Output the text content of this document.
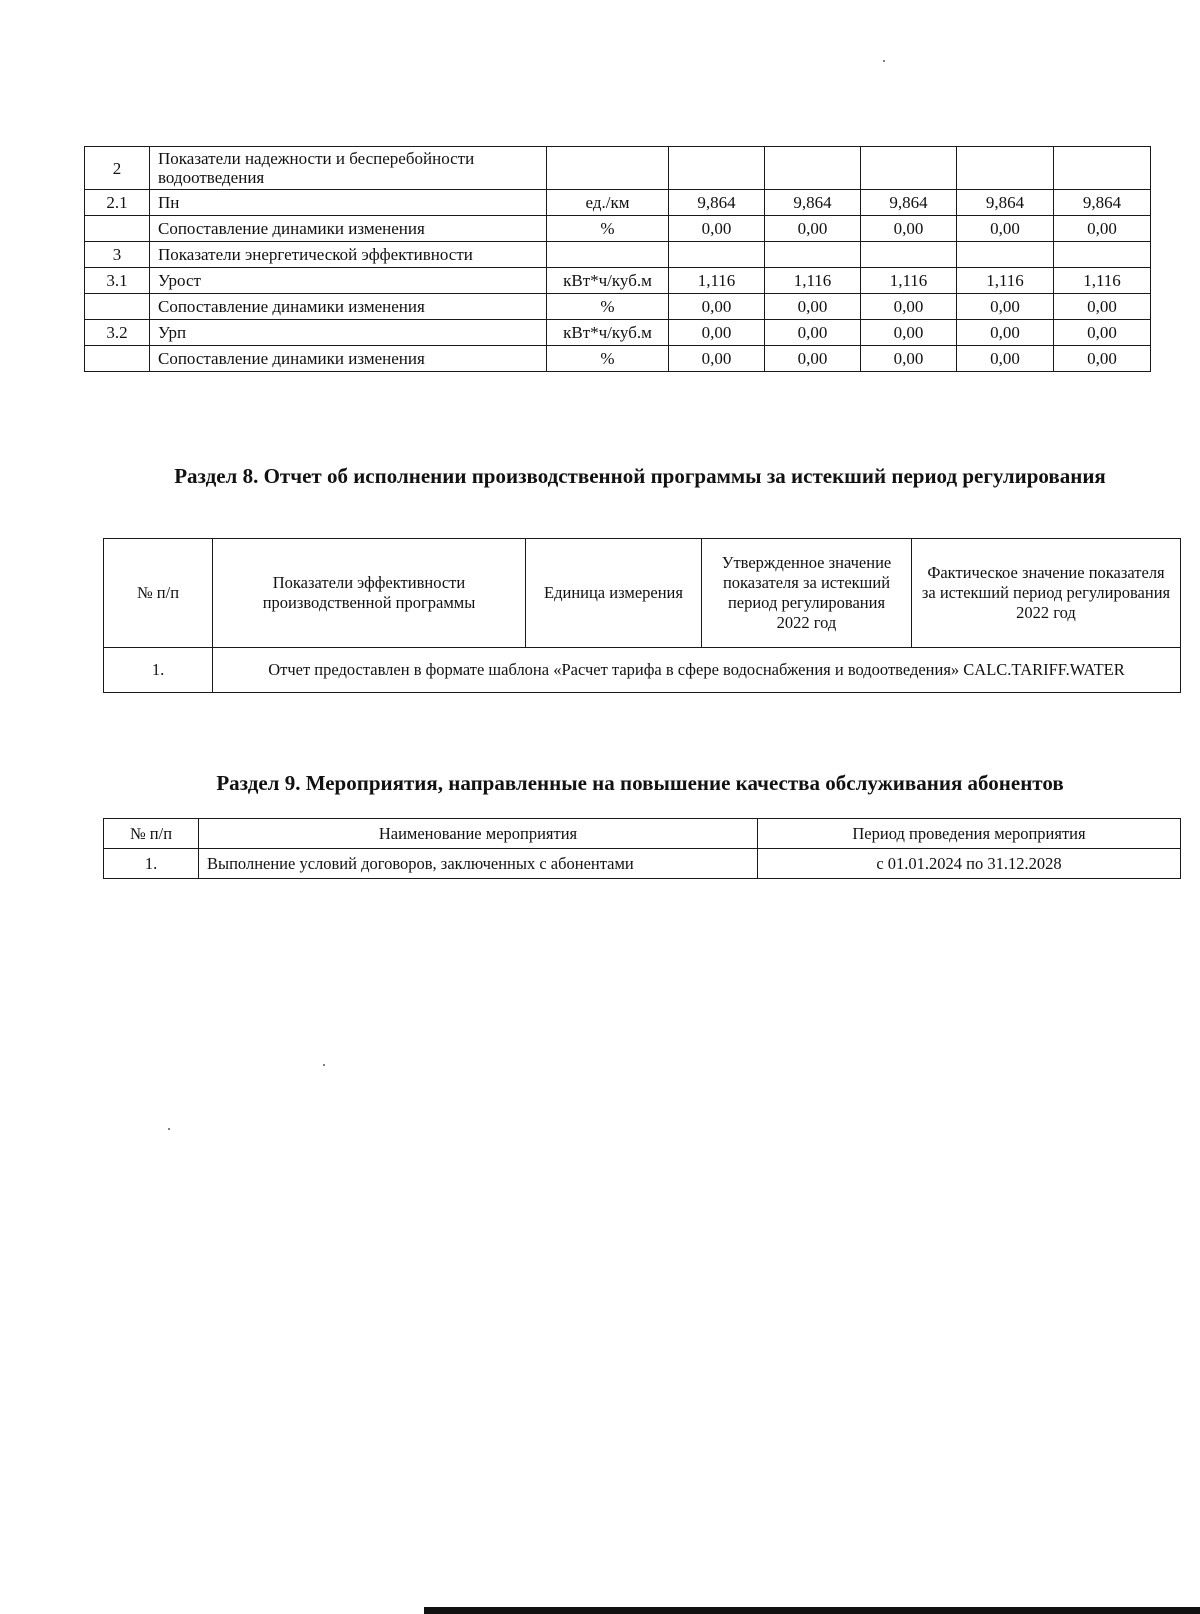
2	Показатели надежности и бесперебойности водоотведения						
2.1	Пн	ед./км	9,864	9,864	9,864	9,864	9,864
	Сопоставление динамики изменения	%	0,00	0,00	0,00	0,00	0,00
3	Показатели энергетической эффективности						
3.1	Урост	кВт*ч/куб.м	1,116	1,116	1,116	1,116	1,116
	Сопоставление динамики изменения	%	0,00	0,00	0,00	0,00	0,00
3.2	Урп	кВт*ч/куб.м	0,00	0,00	0,00	0,00	0,00
	Сопоставление динамики изменения	%	0,00	0,00	0,00	0,00	0,00
Раздел 8. Отчет об исполнении производственной программы за истекший период регулирования
№ п/п	Показатели эффективности производственной программы	Единица измерения	Утвержденное значение показателя за истекший период регулирования 2022 год	Фактическое значение показателя за истекший период регулирования 2022 год
1.	Отчет предоставлен в формате шаблона «Расчет тарифа в сфере водоснабжения и водоотведения» CALC.TARIFF.WATER			
Раздел 9. Мероприятия, направленные на повышение качества обслуживания абонентов
№ п/п	Наименование мероприятия	Период проведения мероприятия
1.	Выполнение условий договоров, заключенных с абонентами	с 01.01.2024 по 31.12.2028
